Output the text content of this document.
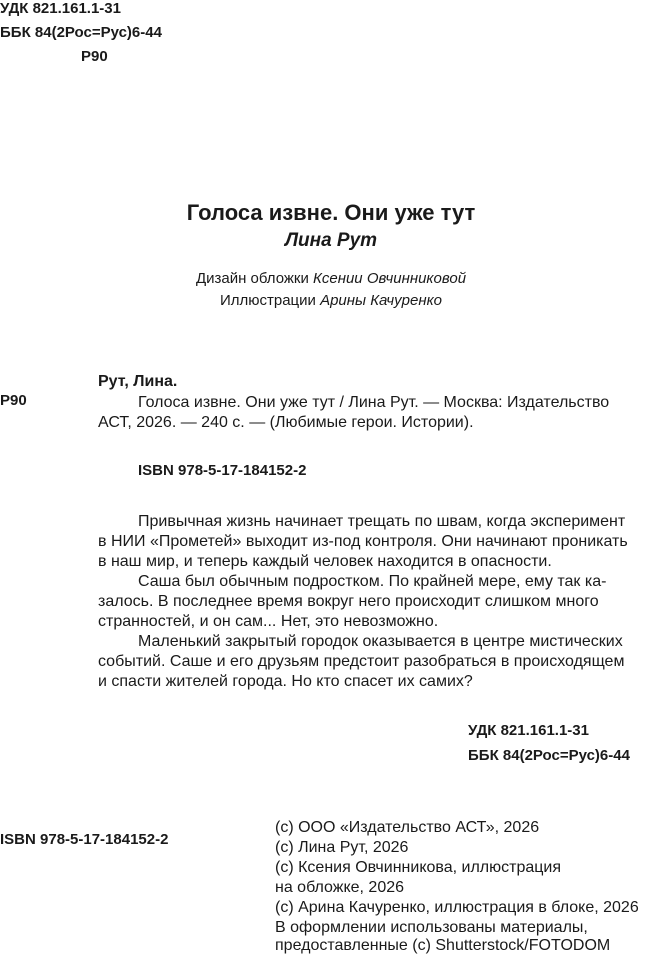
УДК 821.161.1-31
ББК 84(2Рос=Рус)6-44
Р90
Голоса извне. Они уже тут
Лина Рут
Дизайн обложки Ксении Овчинниковой
Иллюстрации Арины Качуренко
Р90
Рут, Лина.
Голоса извне. Они уже тут / Лина Рут. — Москва: Издательство
АСТ, 2026. — 240 с. — (Любимые герои. Истории).
ISBN 978-5-17-184152-2
Привычная жизнь начинает трещать по швам, когда эксперимент
в НИИ «Прометей» выходит из-под контроля. Они начинают проникать
в наш мир, и теперь каждый человек находится в опасности.
Саша был обычным подростком. По крайней мере, ему так ка-
залось. В последнее время вокруг него происходит слишком много
странностей, и он сам... Нет, это невозможно.
Маленький закрытый городок оказывается в центре мистических
событий. Саше и его друзьям предстоит разобраться в происходящем
и спасти жителей города. Но кто спасет их самих?
УДК 821.161.1-31
ББК 84(2Рос=Рус)6-44
ISBN 978-5-17-184152-2
(c) ООО «Издательство АСТ», 2026
(c) Лина Рут, 2026
(c) Ксения Овчинникова, иллюстрация
на обложке, 2026
(c) Арина Качуренко, иллюстрация в блоке, 2026
В оформлении использованы материалы,
предоставленные (c) Shutterstock/FOTODOM
